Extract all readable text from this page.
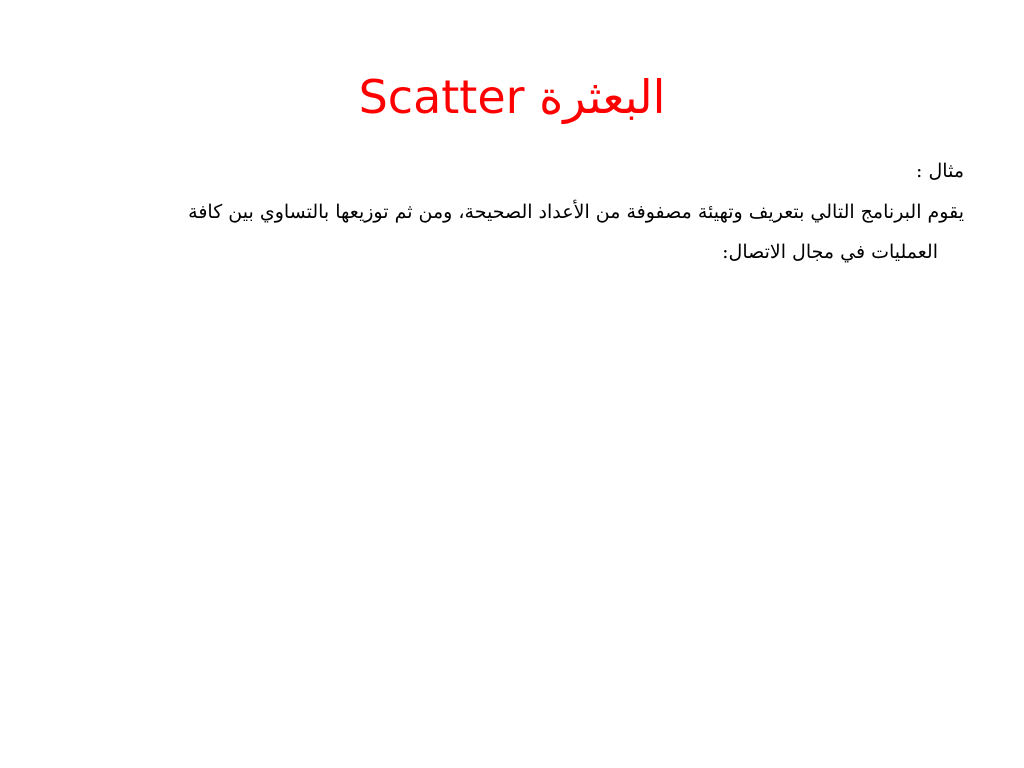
Scatter البعثرة

مثال :

يقوم البرنامج التالي بتعريف وتهيئة مصفوفة من الأعداد الصحيحة، ومن ثم توزيعها بالتساوي بين كافة
العمليات في مجال الاتصال:
